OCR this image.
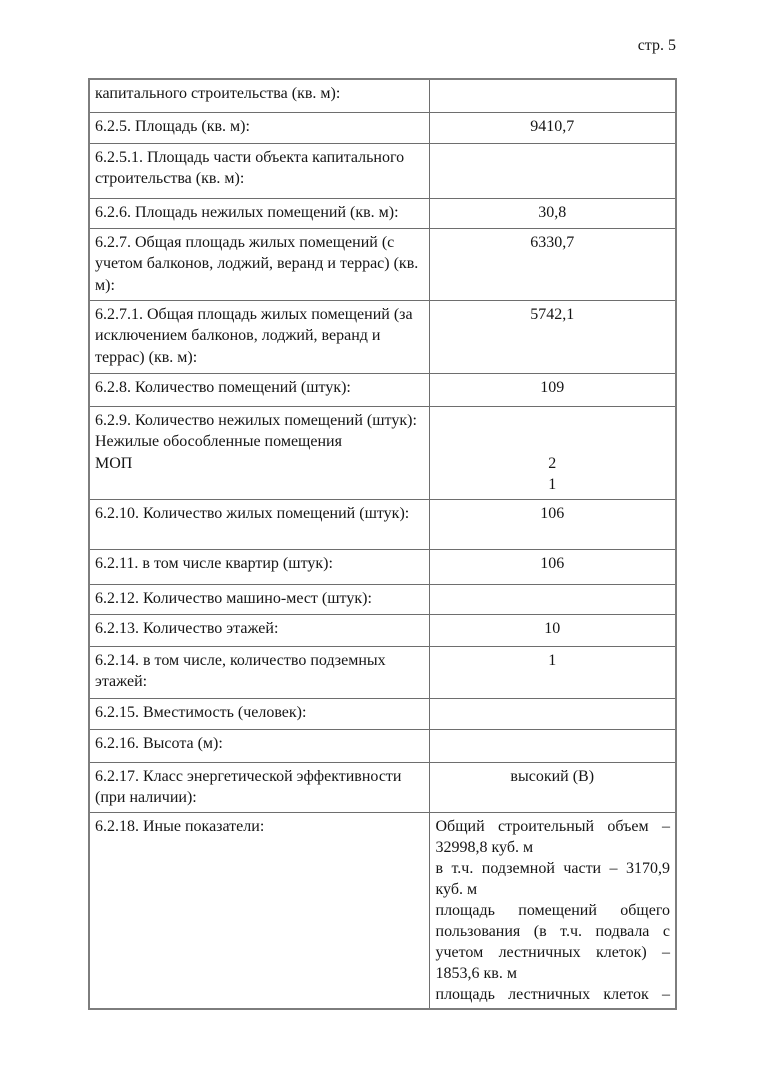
стр. 5
капитального строительства (кв. м):	

6.2.5. Площадь (кв. м):	9410,7

6.2.5.1. Площадь части объекта капитального строительства (кв. м):	

6.2.6. Площадь нежилых помещений (кв. м):	30,8

6.2.7. Общая площадь жилых помещений (с учетом балконов, лоджий, веранд и террас) (кв. м):	6330,7

6.2.7.1. Общая площадь жилых помещений (за исключением балконов, лоджий, веранд и террас) (кв. м):	5742,1

6.2.8. Количество помещений (штук):	109

6.2.9. Количество нежилых помещений (штук):
Нежилые обособленные помещения
МОП	2
1

6.2.10. Количество жилых помещений (штук):	106

6.2.11. в том числе квартир (штук):	106

6.2.12. Количество машино-мест (штук):	

6.2.13. Количество этажей:	10

6.2.14. в том числе, количество подземных этажей:	1

6.2.15. Вместимость (человек):	

6.2.16. Высота (м):	

6.2.17. Класс энергетической эффективности (при наличии):	высокий (В)

6.2.18. Иные показатели:	Общий строительный объем –
32998,8 куб. м
в т.ч. подземной части – 3170,9
куб. м
площадь помещений общего
пользования (в т.ч. подвала с
учетом лестничных клеток) –
1853,6 кв. м
площадь лестничных клеток –
